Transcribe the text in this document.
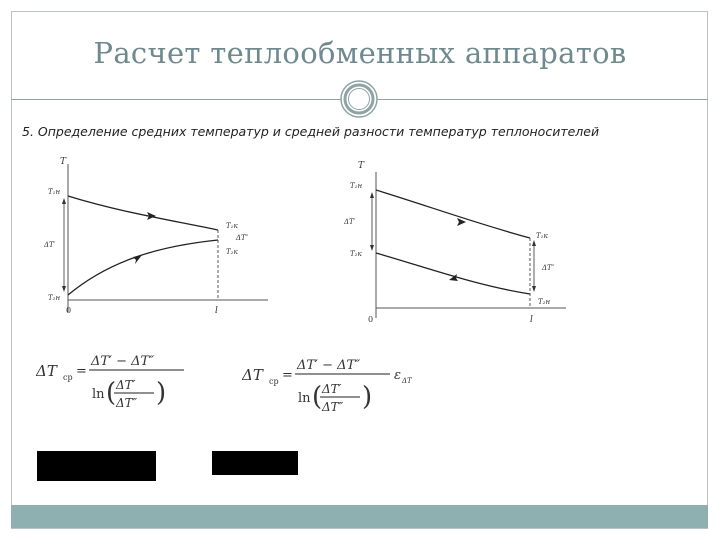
Расчет теплообменных аппаратов
5. Определение средних температур и средней разности температур теплоносителей
T
0	l
ΔT′
T₁н
T₂н
T₁к
ΔT″
T₂к
T
0	l
ΔT′
T₁н
T₂к
T₁к
ΔT″
T₂н
ΔT ср =
ΔT′ − ΔT″
ln ( ΔT′
ΔT″ )
ΔT ср =
ΔT′ − ΔT″
ln ( ΔT′
ΔT″ )
ε ΔT
